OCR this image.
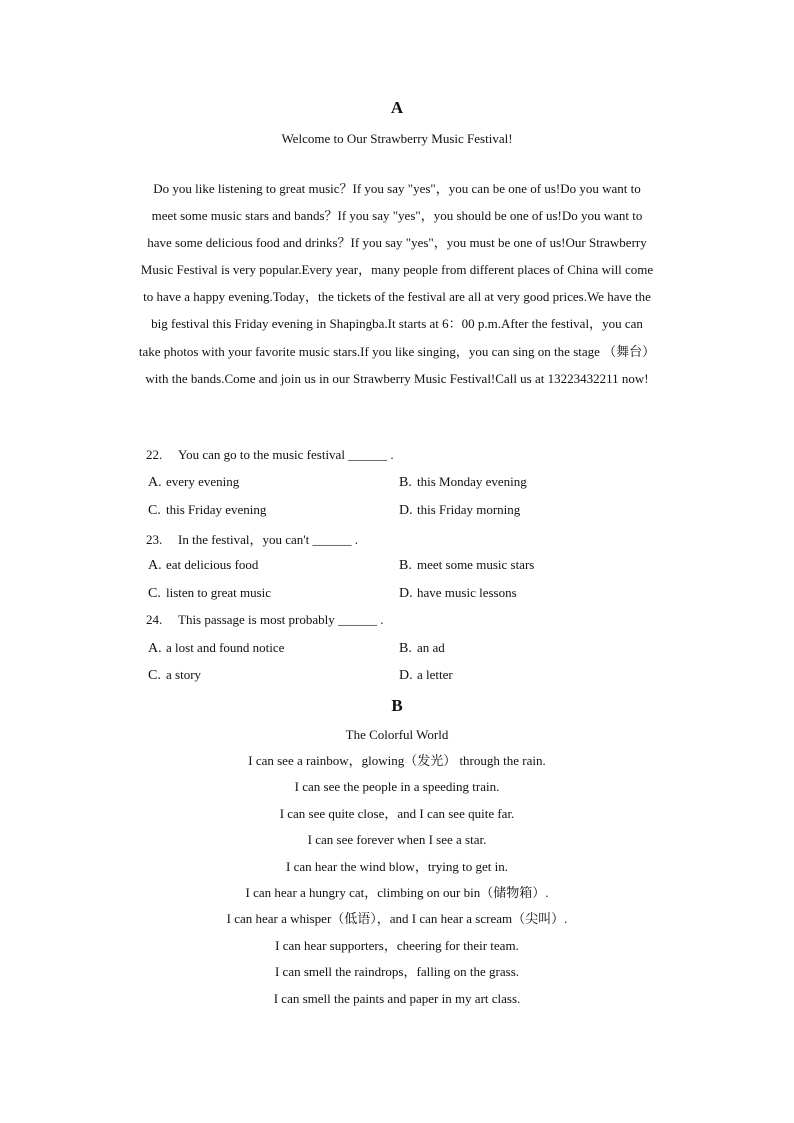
A
Welcome to Our Strawberry Music Festival!
Do you like listening to great music？If you say "yes"，you can be one of us!Do you want to
meet some music stars and bands？If you say "yes"，you should be one of us!Do you want to
have some delicious food and drinks？If you say "yes"，you must be one of us!Our Strawberry
Music Festival is very popular.Every year，many people from different places of China will come
to have a happy evening.Today，the tickets of the festival are all at very good prices.We have the
big festival this Friday evening in Shapingba.It starts at 6：00 p.m.After the festival，you can
take photos with your favorite music stars.If you like singing，you can sing on the stage （舞台）
with the bands.Come and join us in our Strawberry Music Festival!Call us at 13223432211 now!
22. You can go to the music festival ______ .
A. every evening	B. this Monday evening
C. this Friday evening	D. this Friday morning
23. In the festival，you can't ______ .
A. eat delicious food	B. meet some music stars
C. listen to great music	D. have music lessons
24. This passage is most probably ______ .
A. a lost and found notice	B. an ad
C. a story	D. a letter
B
The Colorful World
I can see a rainbow，glowing（发光） through the rain.
I can see the people in a speeding train.
I can see quite close，and I can see quite far.
I can see forever when I see a star.
I can hear the wind blow，trying to get in.
I can hear a hungry cat，climbing on our bin（储物箱）.
I can hear a whisper（低语），and I can hear a scream（尖叫）.
I can hear supporters，cheering for their team.
I can smell the raindrops，falling on the grass.
I can smell the paints and paper in my art class.
